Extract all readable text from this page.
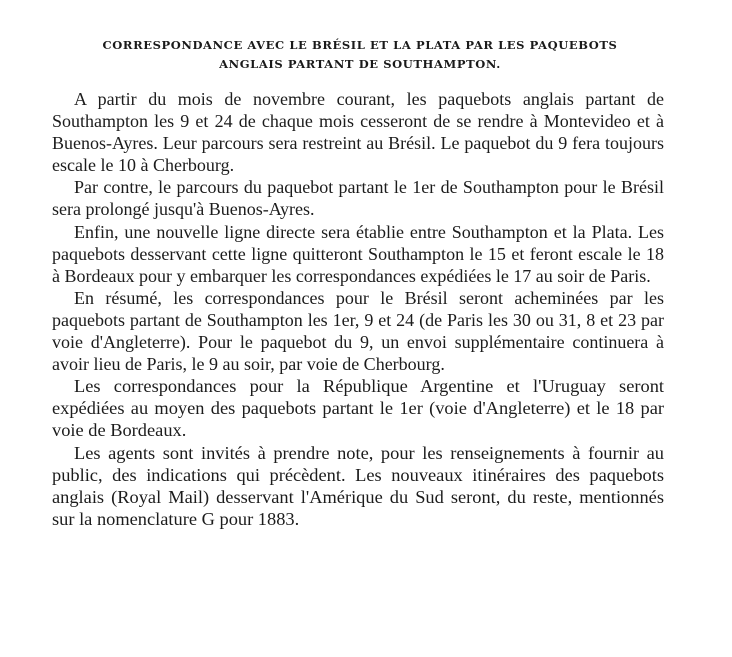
CORRESPONDANCE AVEC LE BRÉSIL ET LA PLATA PAR LES PAQUEBOTS
ANGLAIS PARTANT DE SOUTHAMPTON.

A partir du mois de novembre courant, les paquebots anglais partant de Southampton les 9 et 24 de chaque mois cesseront de se rendre à Montevideo et à Buenos-Ayres. Leur parcours sera restreint au Brésil. Le paquebot du 9 fera toujours escale le 10 à Cherbourg.

Par contre, le parcours du paquebot partant le 1er de Southampton pour le Brésil sera prolongé jusqu'à Buenos-Ayres.

Enfin, une nouvelle ligne directe sera établie entre Southampton et la Plata. Les paquebots desservant cette ligne quitteront Southampton le 15 et feront escale le 18 à Bordeaux pour y embarquer les correspondances expédiées le 17 au soir de Paris.

En résumé, les correspondances pour le Brésil seront acheminées par les paquebots partant de Southampton les 1er, 9 et 24 (de Paris les 30 ou 31, 8 et 23 par voie d'Angleterre). Pour le paquebot du 9, un envoi supplémentaire continuera à avoir lieu de Paris, le 9 au soir, par voie de Cherbourg.

Les correspondances pour la République Argentine et l'Uruguay seront expédiées au moyen des paquebots partant le 1er (voie d'Angleterre) et le 18 par voie de Bordeaux.

Les agents sont invités à prendre note, pour les renseignements à fournir au public, des indications qui précèdent. Les nouveaux itinéraires des paquebots anglais (Royal Mail) desservant l'Amérique du Sud seront, du reste, mentionnés sur la nomenclature G pour 1883.
